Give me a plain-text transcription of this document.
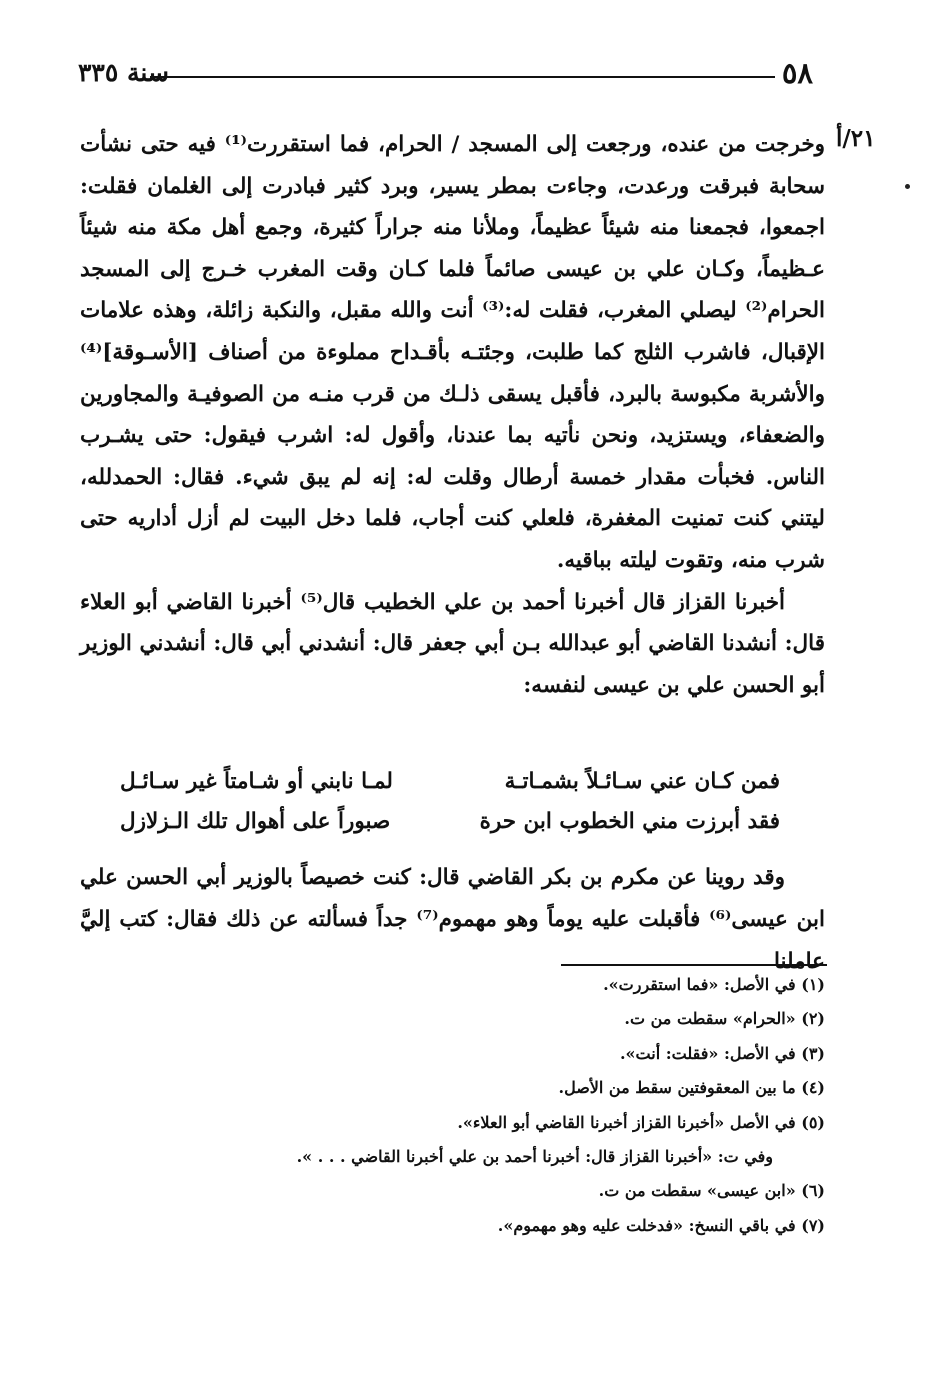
٥٨
سنة ٣٣٥
٢١/أ

وخرجت من عنده، ورجعت إلى المسجد / الحرام، فما استقررت⁽¹⁾ فيه حتى نشأت سحابة فبرقت ورعدت، وجاءت بمطر يسير، وبرد كثير فبادرت إلى الغلمان فقلت: اجمعوا، فجمعنا منه شيئاً عظيماً، وملأنا منه جراراً كثيرة، وجمع أهل مكة منه شيئاً عـظيماً، وكـان علي بن عيسى صائماً فلما كـان وقت المغرب خـرج إلى المسجد الحرام⁽²⁾ ليصلي المغرب، فقلت له:⁽³⁾ أنت والله مقبل، والنكبة زائلة، وهذه علامات الإقبال، فاشرب الثلج كما طلبت، وجئتـه بأقـداح مملوءة من أصناف [الأسـوقة]⁽⁴⁾ والأشربة مكبوسة بالبرد، فأقبل يسقى ذلـك من قرب منـه من الصوفيـة والمجاورين والضعفاء، ويستزيد، ونحن نأتيه بما عندنا، وأقول له: اشرب فيقول: حتى يشـرب الناس. فخبأت مقدار خمسة أرطال وقلت له: إنه لم يبق شيء. فقال: الحمدلله، ليتني كنت تمنيت المغفرة، فلعلي كنت أجاب، فلما دخل البيت لم أزل أداريه حتى شرب منه، وتقوت ليلته بباقيه.

أخبرنا القزاز قال أخبرنا أحمد بن علي الخطيب قال⁽⁵⁾ أخبرنا القاضي أبو العلاء قال: أنشدنا القاضي أبو عبدالله بـن أبي جعفر قال: أنشدني أبي قال: أنشدني الوزير أبو الحسن علي بن عيسى لنفسه:

فمن كـان عني سـائـلاً بشمـاتـة
لمـا نابني أو شـامتاً غير سـائـل
فقد أبرزت مني الخطوب ابن حرة
صبوراً على أهوال تلك الـزلازل

وقد روينا عن مكرم بن بكر القاضي قال: كنت خصيصاً بالوزير أبي الحسن علي ابن عيسى⁽⁶⁾ فأقبلت عليه يوماً وهو مهموم⁽⁷⁾ جداً فسألته عن ذلك فقال: كتب إليَّ عاملنا

(١) في الأصل: «فما استقررت».

(٢) «الحرام» سقطت من ت.

(٣) في الأصل: «فقلت: أنت».

(٤) ما بين المعقوفتين سقط من الأصل.

(٥) في الأصل «أخبرنا القزاز أخبرنا القاضي أبو العلاء».

وفي ت: «أخبرنا القزاز قال: أخبرنا أحمد بن علي أخبرنا القاضي . . . ».

(٦) «ابن عيسى» سقطت من ت.

(٧) في باقي النسخ: «فدخلت عليه وهو مهموم».
